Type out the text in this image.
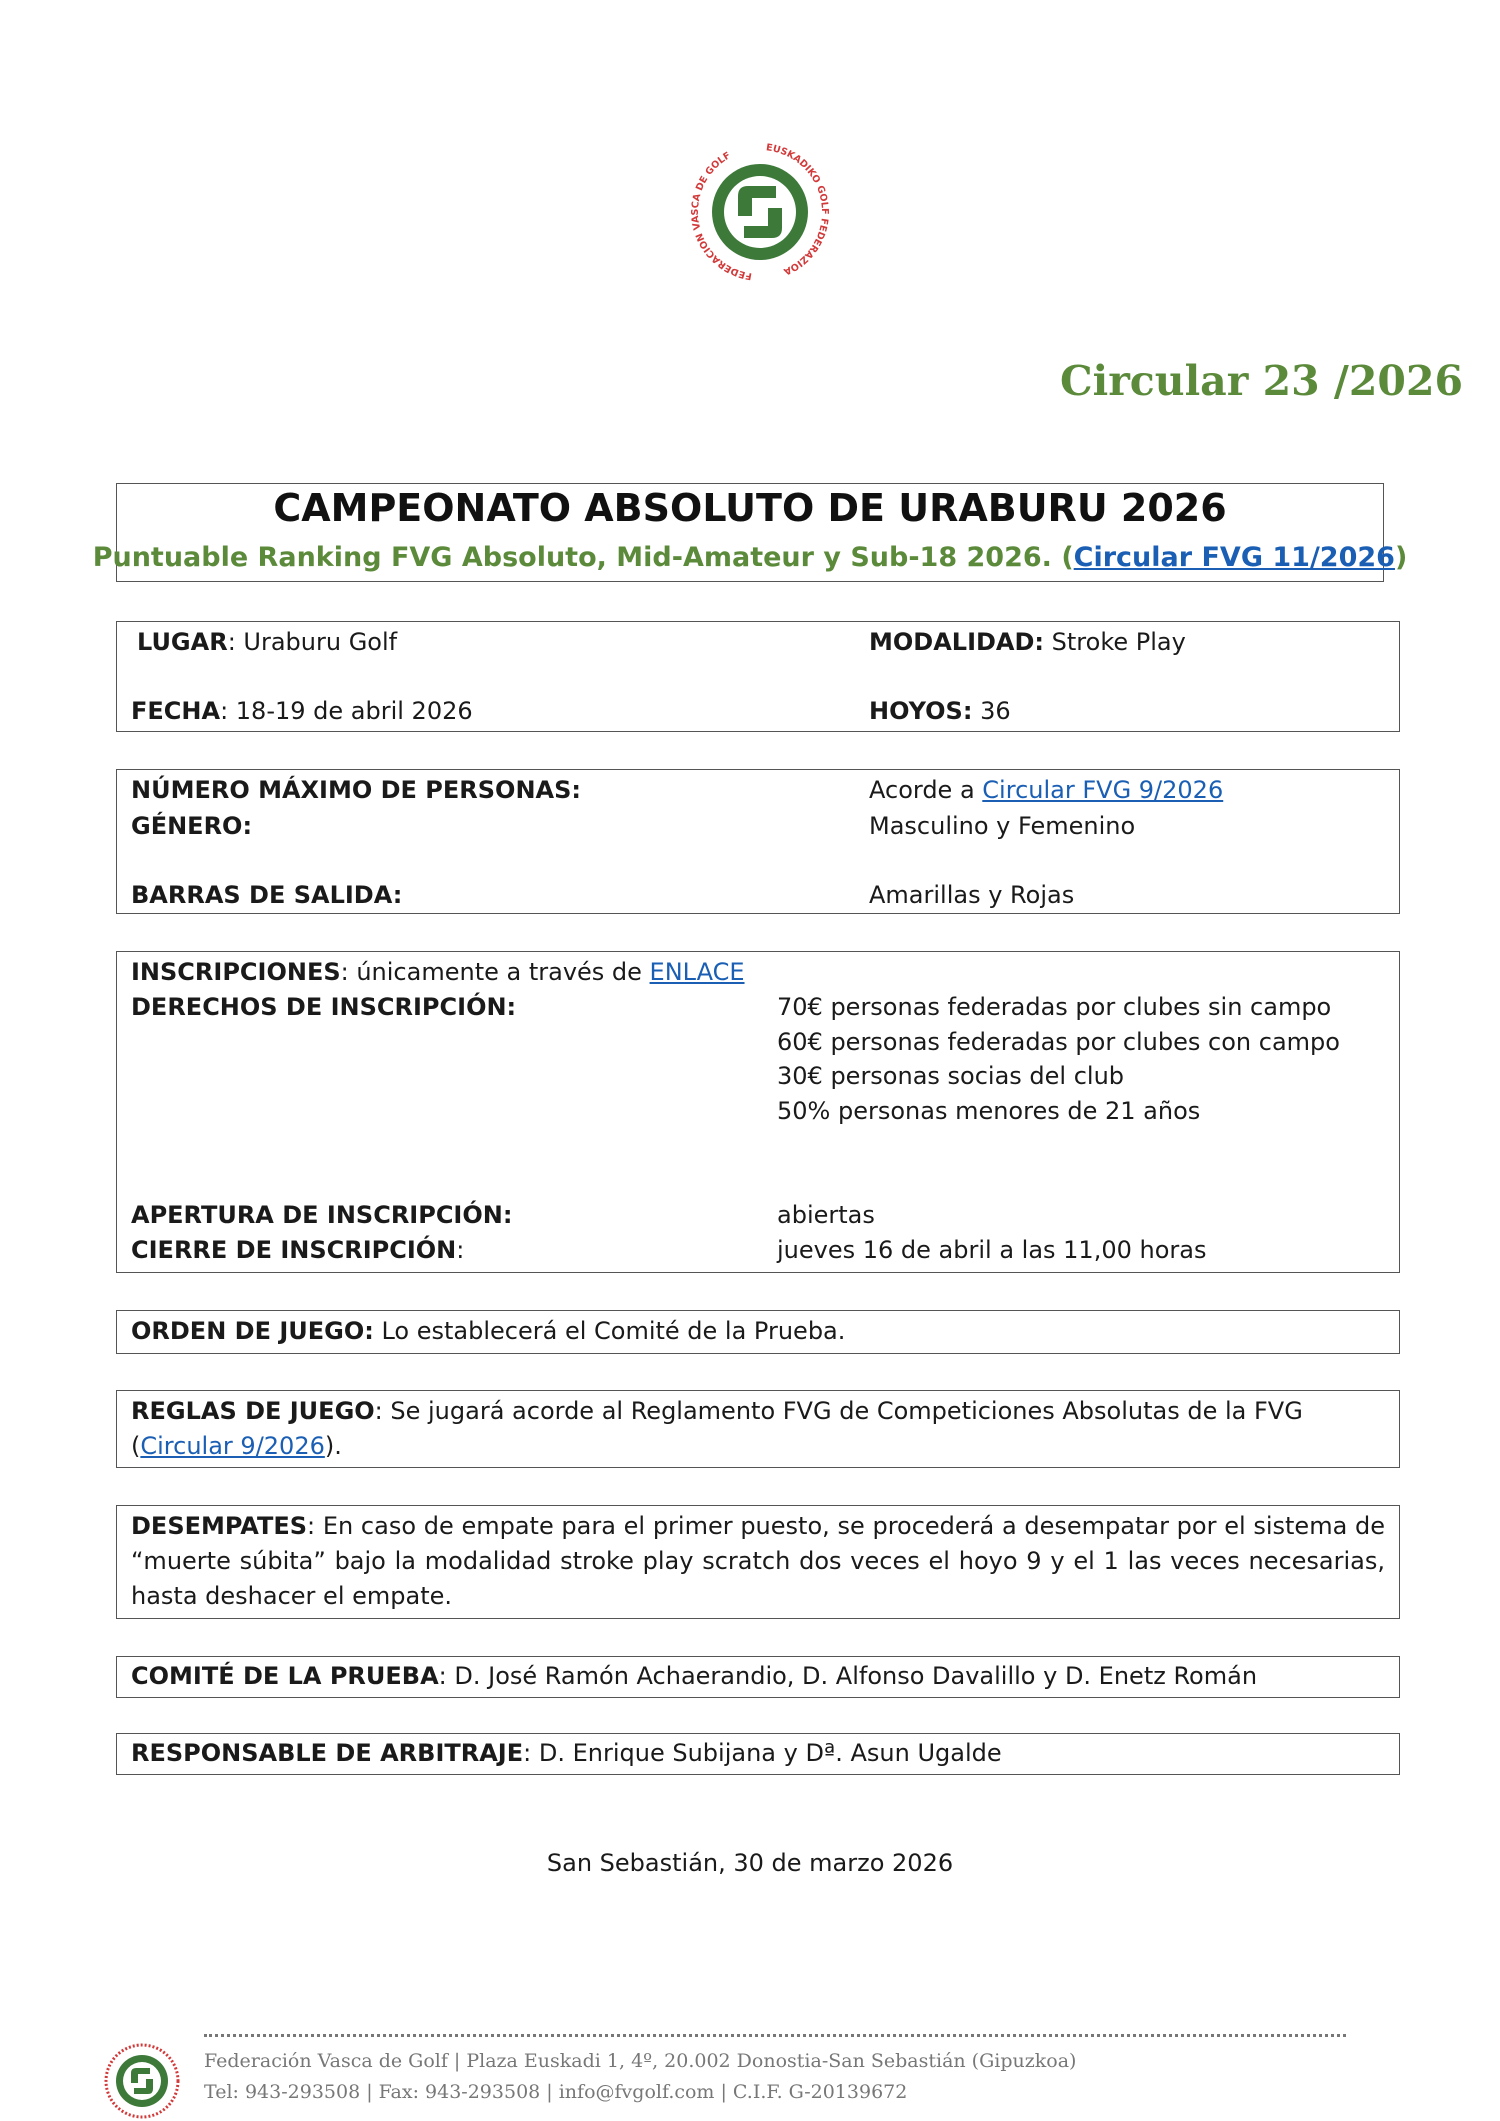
FEDERACION VASCA DE GOLF
EUSKADIKO GOLF FEDERAZIOA
Circular 23 /2026
CAMPEONATO ABSOLUTO DE URABURU 2026
Puntuable Ranking FVG Absoluto, Mid-Amateur y Sub-18 2026. (Circular FVG 11/2026)
LUGAR: Uraburu Golf	MODALIDAD: Stroke Play
FECHA: 18-19 de abril 2026	HOYOS: 36
NÚMERO MÁXIMO DE PERSONAS:	Acorde a Circular FVG 9/2026
GÉNERO:	Masculino y Femenino
BARRAS DE SALIDA:	Amarillas y Rojas
INSCRIPCIONES: únicamente a través de ENLACE
DERECHOS DE INSCRIPCIÓN:	70€ personas federadas por clubes sin campo
60€ personas federadas por clubes con campo
30€ personas socias del club
50% personas menores de 21 años
APERTURA DE INSCRIPCIÓN:	abiertas
CIERRE DE INSCRIPCIÓN:	jueves 16 de abril a las 11,00 horas
ORDEN DE JUEGO: Lo establecerá el Comité de la Prueba.
REGLAS DE JUEGO: Se jugará acorde al Reglamento FVG de Competiciones Absolutas de la FVG
(Circular 9/2026).
DESEMPATES: En caso de empate para el primer puesto, se procederá a desempatar por el sistema de “muerte súbita” bajo la modalidad stroke play scratch dos veces el hoyo 9 y el 1 las veces necesarias, hasta deshacer el empate.
COMITÉ DE LA PRUEBA: D. José Ramón Achaerandio, D. Alfonso Davalillo y D. Enetz Román
RESPONSABLE DE ARBITRAJE: D. Enrique Subijana y Dª. Asun Ugalde
San Sebastián, 30 de marzo 2026
Federación Vasca de Golf | Plaza Euskadi 1, 4º, 20.002 Donostia-San Sebastián (Gipuzkoa)
Tel: 943-293508 | Fax: 943-293508 | info@fvgolf.com | C.I.F. G-20139672
